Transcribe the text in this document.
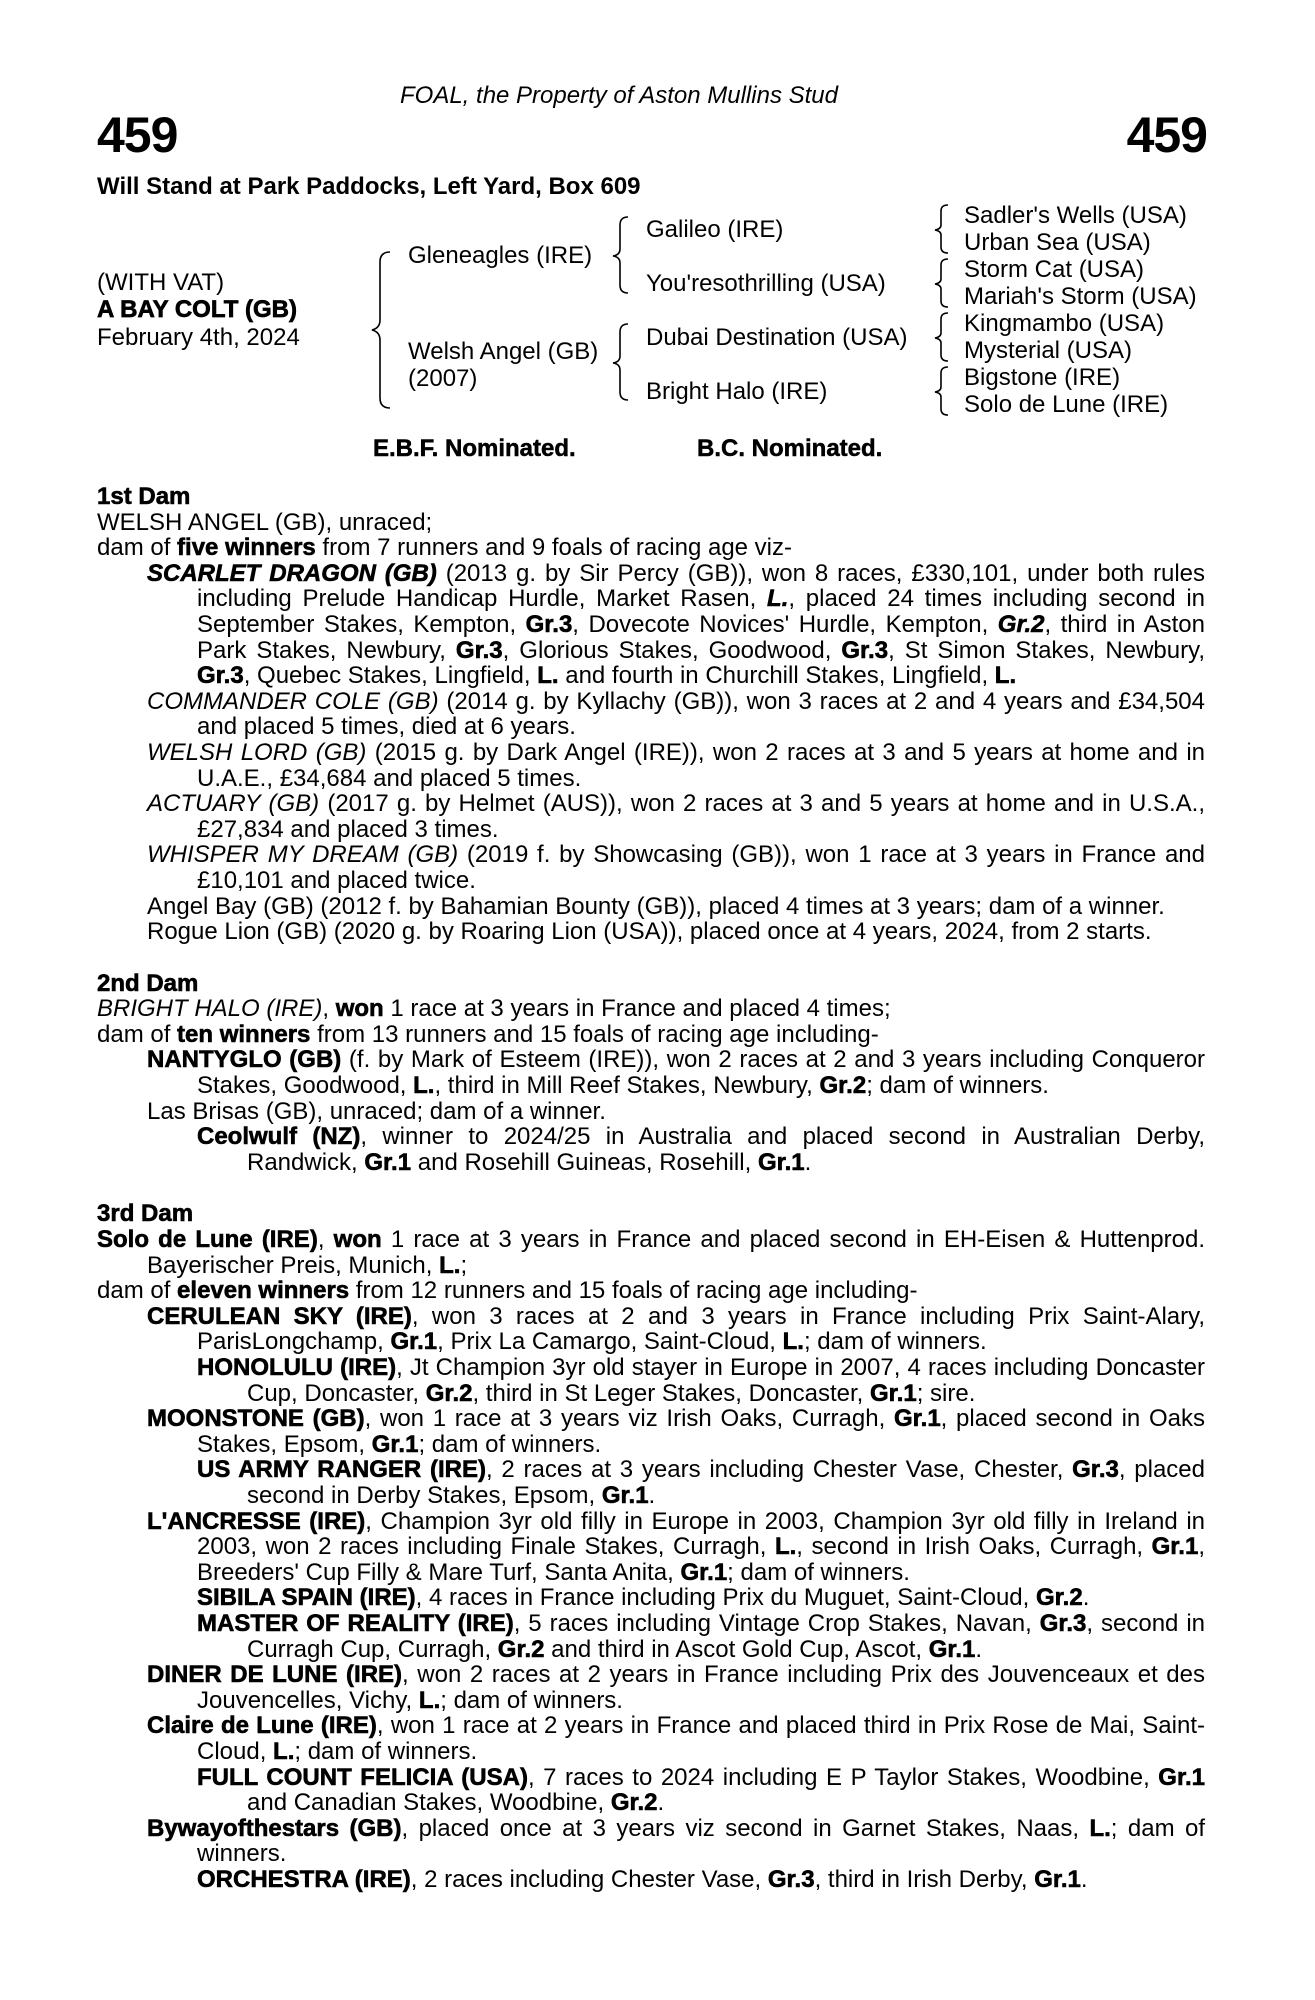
459	459
FOAL, the Property of Aston Mullins Stud
Will Stand at Park Paddocks, Left Yard, Box 609
(WITH VAT)
A BAY COLT (GB)
February 4th, 2024
Gleneagles (IRE)
Welsh Angel (GB)
(2007)
Galileo (IRE)
You'resothrilling (USA)
Dubai Destination (USA)
Bright Halo (IRE)
Sadler's Wells (USA)
Urban Sea (USA)
Storm Cat (USA)
Mariah's Storm (USA)
Kingmambo (USA)
Mysterial (USA)
Bigstone (IRE)
Solo de Lune (IRE)
E.B.F. Nominated.	B.C. Nominated.
1st Dam
WELSH ANGEL (GB), unraced;
dam of five winners from 7 runners and 9 foals of racing age viz-
SCARLET DRAGON (GB) (2013 g. by Sir Percy (GB)), won 8 races, £330,101, under both rules including Prelude Handicap Hurdle, Market Rasen, L., placed 24 times including second in September Stakes, Kempton, Gr.3, Dovecote Novices' Hurdle, Kempton, Gr.2, third in Aston Park Stakes, Newbury, Gr.3, Glorious Stakes, Goodwood, Gr.3, St Simon Stakes, Newbury, Gr.3, Quebec Stakes, Lingfield, L. and fourth in Churchill Stakes, Lingfield, L.
COMMANDER COLE (GB) (2014 g. by Kyllachy (GB)), won 3 races at 2 and 4 years and £34,504 and placed 5 times, died at 6 years.
WELSH LORD (GB) (2015 g. by Dark Angel (IRE)), won 2 races at 3 and 5 years at home and in U.A.E., £34,684 and placed 5 times.
ACTUARY (GB) (2017 g. by Helmet (AUS)), won 2 races at 3 and 5 years at home and in U.S.A., £27,834 and placed 3 times.
WHISPER MY DREAM (GB) (2019 f. by Showcasing (GB)), won 1 race at 3 years in France and £10,101 and placed twice.
Angel Bay (GB) (2012 f. by Bahamian Bounty (GB)), placed 4 times at 3 years; dam of a winner.
Rogue Lion (GB) (2020 g. by Roaring Lion (USA)), placed once at 4 years, 2024, from 2 starts.
2nd Dam
BRIGHT HALO (IRE), won 1 race at 3 years in France and placed 4 times;
dam of ten winners from 13 runners and 15 foals of racing age including-
NANTYGLO (GB) (f. by Mark of Esteem (IRE)), won 2 races at 2 and 3 years including Conqueror Stakes, Goodwood, L., third in Mill Reef Stakes, Newbury, Gr.2; dam of winners.
Las Brisas (GB), unraced; dam of a winner.
Ceolwulf (NZ), winner to 2024/25 in Australia and placed second in Australian Derby, Randwick, Gr.1 and Rosehill Guineas, Rosehill, Gr.1.
3rd Dam
Solo de Lune (IRE), won 1 race at 3 years in France and placed second in EH-Eisen & Huttenprod. Bayerischer Preis, Munich, L.;
dam of eleven winners from 12 runners and 15 foals of racing age including-
CERULEAN SKY (IRE), won 3 races at 2 and 3 years in France including Prix Saint-Alary, ParisLongchamp, Gr.1, Prix La Camargo, Saint-Cloud, L.; dam of winners.
HONOLULU (IRE), Jt Champion 3yr old stayer in Europe in 2007, 4 races including Doncaster Cup, Doncaster, Gr.2, third in St Leger Stakes, Doncaster, Gr.1; sire.
MOONSTONE (GB), won 1 race at 3 years viz Irish Oaks, Curragh, Gr.1, placed second in Oaks Stakes, Epsom, Gr.1; dam of winners.
US ARMY RANGER (IRE), 2 races at 3 years including Chester Vase, Chester, Gr.3, placed second in Derby Stakes, Epsom, Gr.1.
L'ANCRESSE (IRE), Champion 3yr old filly in Europe in 2003, Champion 3yr old filly in Ireland in 2003, won 2 races including Finale Stakes, Curragh, L., second in Irish Oaks, Curragh, Gr.1, Breeders' Cup Filly & Mare Turf, Santa Anita, Gr.1; dam of winners.
SIBILA SPAIN (IRE), 4 races in France including Prix du Muguet, Saint-Cloud, Gr.2.
MASTER OF REALITY (IRE), 5 races including Vintage Crop Stakes, Navan, Gr.3, second in Curragh Cup, Curragh, Gr.2 and third in Ascot Gold Cup, Ascot, Gr.1.
DINER DE LUNE (IRE), won 2 races at 2 years in France including Prix des Jouvenceaux et des Jouvencelles, Vichy, L.; dam of winners.
Claire de Lune (IRE), won 1 race at 2 years in France and placed third in Prix Rose de Mai, Saint-Cloud, L.; dam of winners.
FULL COUNT FELICIA (USA), 7 races to 2024 including E P Taylor Stakes, Woodbine, Gr.1 and Canadian Stakes, Woodbine, Gr.2.
Bywayofthestars (GB), placed once at 3 years viz second in Garnet Stakes, Naas, L.; dam of winners.
ORCHESTRA (IRE), 2 races including Chester Vase, Gr.3, third in Irish Derby, Gr.1.
